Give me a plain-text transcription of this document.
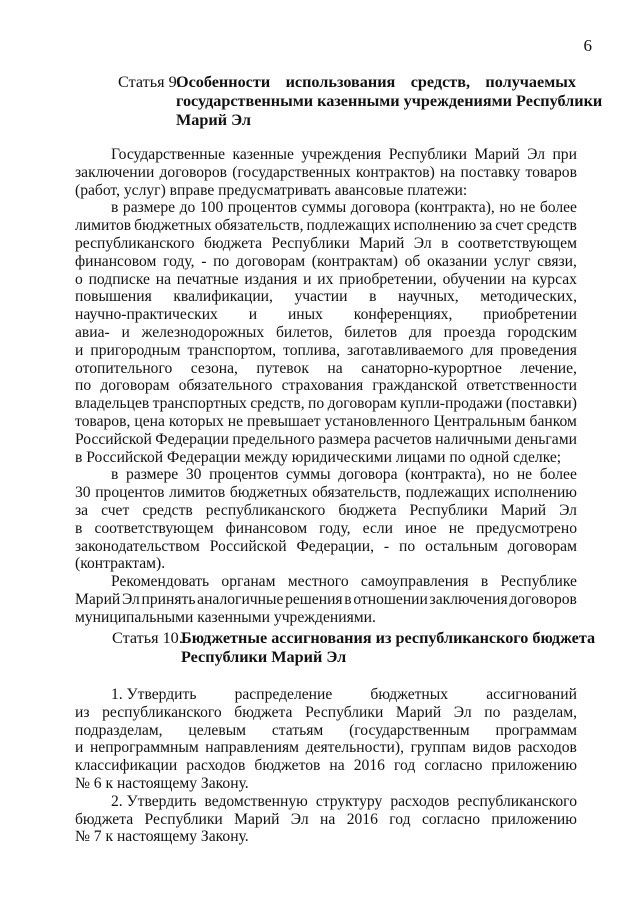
6
Статья 9.
Особенности использования средств, получаемых
государственными казенными учреждениями Республики
Марий Эл
Государственные казенные учреждения Республики Марий Эл при
заключении договоров (государственных контрактов) на поставку товаров
(работ, услуг) вправе предусматривать авансовые платежи:
в размере до 100 процентов суммы договора (контракта), но не более
лимитов бюджетных обязательств, подлежащих исполнению за счет средств
республиканского бюджета Республики Марий Эл в соответствующем
финансовом году, - по договорам (контрактам) об оказании услуг связи,
о подписке на печатные издания и их приобретении, обучении на курсах
повышения квалификации, участии в научных, методических,
научно-практических и иных конференциях, приобретении
авиа- и железнодорожных билетов, билетов для проезда городским
и пригородным транспортом, топлива, заготавливаемого для проведения
отопительного сезона, путевок на санаторно-курортное лечение,
по договорам обязательного страхования гражданской ответственности
владельцев транспортных средств, по договорам купли-продажи (поставки)
товаров, цена которых не превышает установленного Центральным банком
Российской Федерации предельного размера расчетов наличными деньгами
в Российской Федерации между юридическими лицами по одной сделке;
в размере 30 процентов суммы договора (контракта), но не более
30 процентов лимитов бюджетных обязательств, подлежащих исполнению
за счет средств республиканского бюджета Республики Марий Эл
в соответствующем финансовом году, если иное не предусмотрено
законодательством Российской Федерации, - по остальным договорам
(контрактам).
Рекомендовать органам местного самоуправления в Республике
Марий Эл принять аналогичные решения в отношении заключения договоров
муниципальными казенными учреждениями.
Статья 10.
Бюджетные ассигнования из республиканского бюджета
Республики Марий Эл
1. Утвердить распределение бюджетных ассигнований
из республиканского бюджета Республики Марий Эл по разделам,
подразделам, целевым статьям (государственным программам
и непрограммным направлениям деятельности), группам видов расходов
классификации расходов бюджетов на 2016 год согласно приложению
№ 6 к настоящему Закону.
2. Утвердить ведомственную структуру расходов республиканского
бюджета Республики Марий Эл на 2016 год согласно приложению
№ 7 к настоящему Закону.
